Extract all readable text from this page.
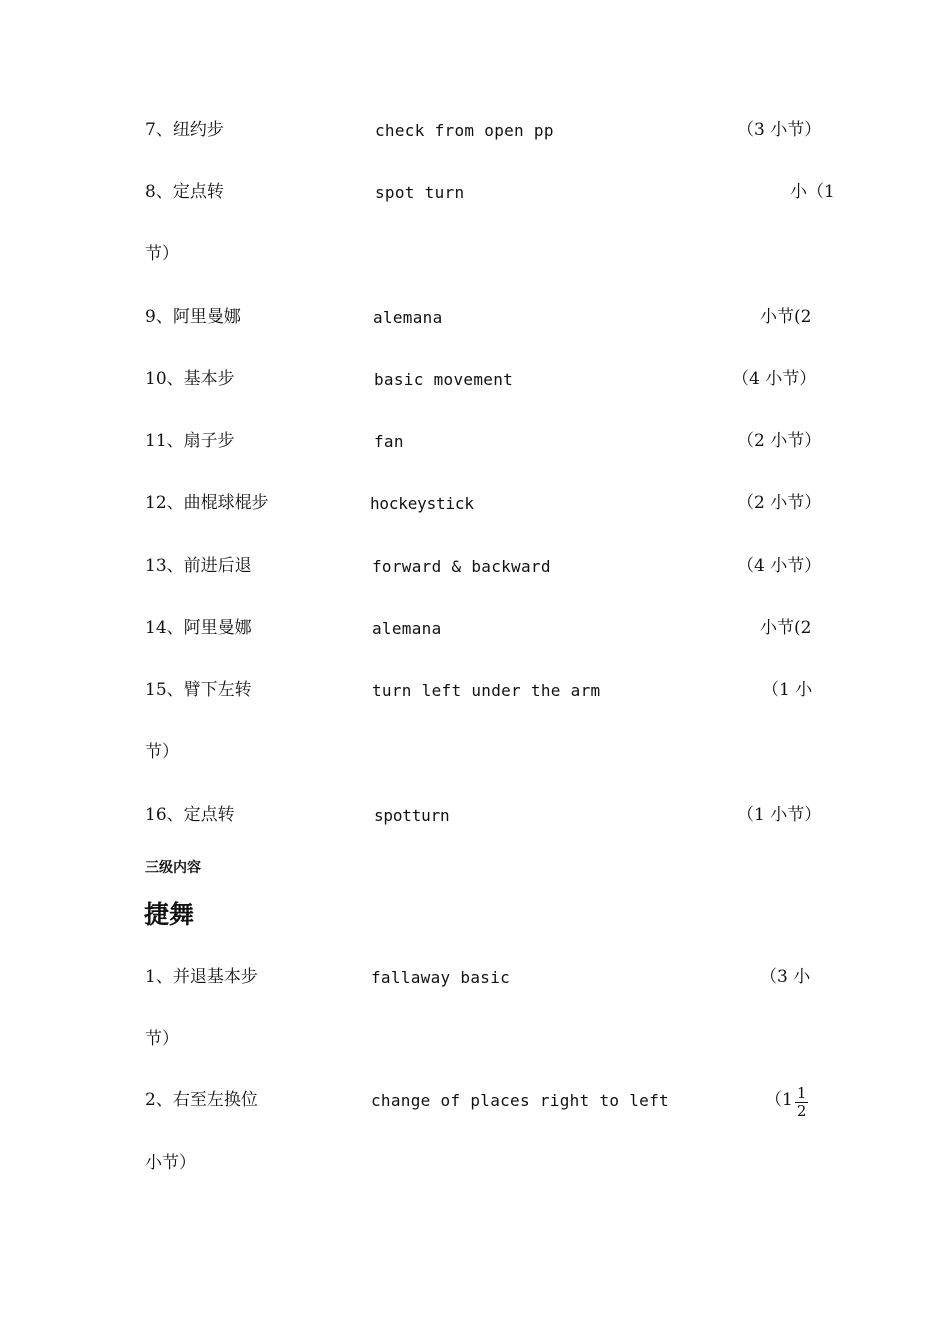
7、纽约步	check from open pp	（3 小节）
8、定点转	spot turn	小（1
节）
9、阿里曼娜	alemana	小节(2
10、基本步	basic movement	（4 小节）
11、扇子步	fan	（2 小节）
12、曲棍球棍步	hockeystick	（2 小节）
13、前进后退	forward & backward	（4 小节）
14、阿里曼娜	alemana	小节(2
15、臂下左转	turn left under the arm	（1 小
节）
16、定点转	spotturn	（1 小节）
三级内容
捷舞
1、并退基本步	fallaway basic	（3 小
节）
2、右至左换位	change of places right to left	（$1 \frac{1}{2}$
小节）
